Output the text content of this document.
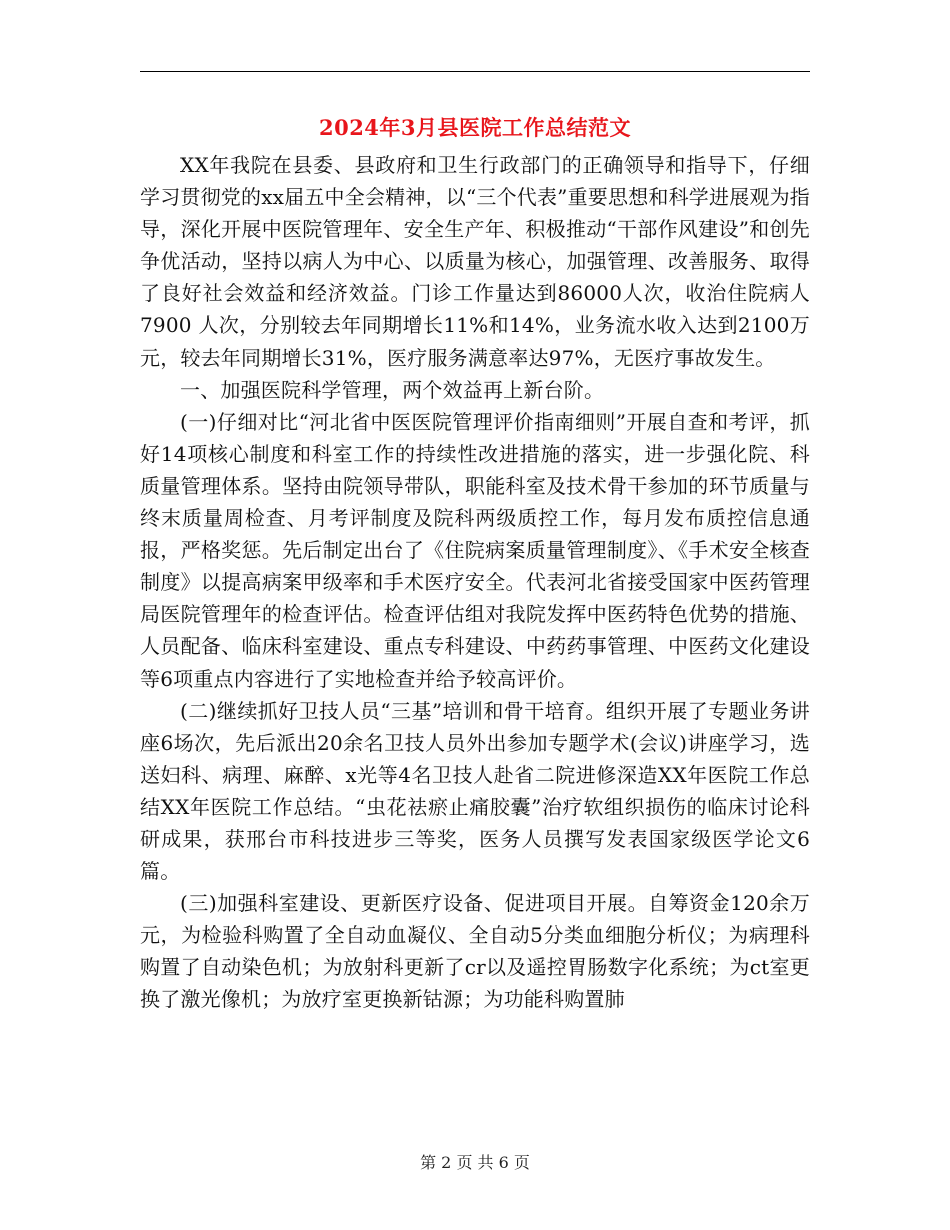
2024年3月县医院工作总结范文

XX年我院在县委、县政府和卫生行政部门的正确领导和指导下，仔细学习贯彻党的xx届五中全会精神，以“三个代表”重要思想和科学进展观为指导，深化开展中医院管理年、安全生产年、积极推动“干部作风建设”和创先争优活动，坚持以病人为中心、以质量为核心，加强管理、改善服务、取得了良好社会效益和经济效益。门诊工作量达到86000人次，收治住院病人7900 人次，分别较去年同期增长11%和14%，业务流水收入达到2100万元，较去年同期增长31%，医疗服务满意率达97%，无医疗事故发生。

一、加强医院科学管理，两个效益再上新台阶。

(一)仔细对比“河北省中医医院管理评价指南细则”开展自查和考评，抓好14项核心制度和科室工作的持续性改进措施的落实，进一步强化院、科质量管理体系。坚持由院领导带队，职能科室及技术骨干参加的环节质量与终末质量周检查、月考评制度及院科两级质控工作，每月发布质控信息通报，严格奖惩。先后制定出台了《住院病案质量管理制度》、《手术安全核查制度》以提高病案甲级率和手术医疗安全。代表河北省接受国家中医药管理局医院管理年的检查评估。检查评估组对我院发挥中医药特色优势的措施、人员配备、临床科室建设、重点专科建设、中药药事管理、中医药文化建设等6项重点内容进行了实地检查并给予较高评价。

(二)继续抓好卫技人员“三基”培训和骨干培育。组织开展了专题业务讲座6场次，先后派出20余名卫技人员外出参加专题学术(会议)讲座学习，选送妇科、病理、麻醉、x光等4名卫技人赴省二院进修深造XX年医院工作总结XX年医院工作总结。“虫花祛瘀止痛胶囊”治疗软组织损伤的临床讨论科研成果，获邢台市科技进步三等奖，医务人员撰写发表国家级医学论文6篇。

(三)加强科室建设、更新医疗设备、促进项目开展。自筹资金120余万元，为检验科购置了全自动血凝仪、全自动5分类血细胞分析仪；为病理科购置了自动染色机；为放射科更新了cr以及遥控胃肠数字化系统；为ct室更换了激光像机；为放疗室更换新钴源；为功能科购置肺

第 2 页 共 6 页
